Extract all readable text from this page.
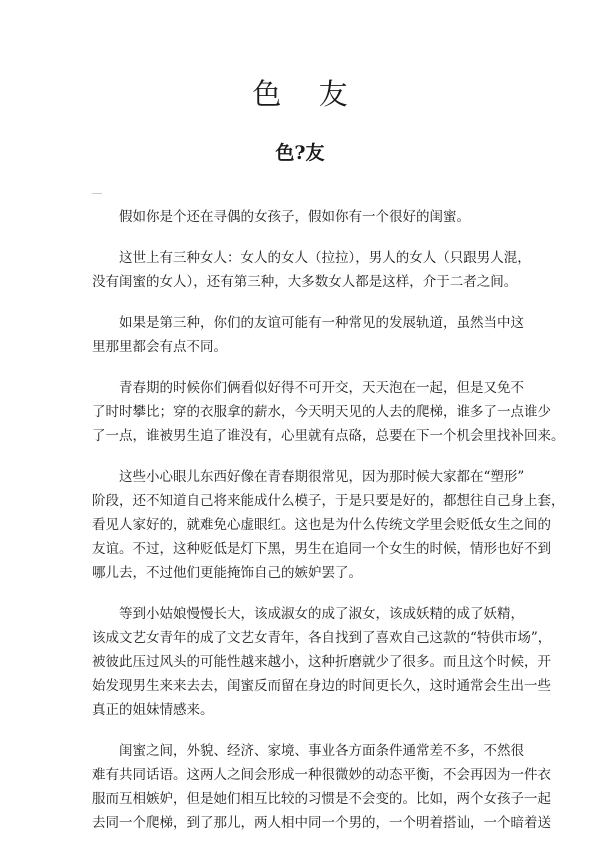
色 友
色?友

假如你是个还在寻偶的女孩子，假如你有一个很好的闺蜜。

这世上有三种女人：女人的女人（拉拉），男人的女人（只跟男人混，
没有闺蜜的女人），还有第三种，大多数女人都是这样，介于二者之间。

如果是第三种，你们的友谊可能有一种常见的发展轨道，虽然当中这
里那里都会有点不同。

青春期的时候你们俩看似好得不可开交，天天泡在一起，但是又免不
了时时攀比；穿的衣服拿的薪水，今天明天见的人去的爬梯，谁多了一点谁少
了一点，谁被男生追了谁没有，心里就有点硌，总要在下一个机会里找补回来。

这些小心眼儿东西好像在青春期很常见，因为那时候大家都在“塑形”
阶段，还不知道自己将来能成什么模子，于是只要是好的，都想往自己身上套，
看见人家好的，就难免心虚眼红。这也是为什么传统文学里会贬低女生之间的
友谊。不过，这种贬低是灯下黑，男生在追同一个女生的时候，情形也好不到
哪儿去，不过他们更能掩饰自己的嫉妒罢了。

等到小姑娘慢慢长大，该成淑女的成了淑女，该成妖精的成了妖精，
该成文艺女青年的成了文艺女青年，各自找到了喜欢自己这款的“特供市场”，
被彼此压过风头的可能性越来越小，这种折磨就少了很多。而且这个时候，开
始发现男生来来去去，闺蜜反而留在身边的时间更长久，这时通常会生出一些
真正的姐妹情感来。

闺蜜之间，外貌、经济、家境、事业各方面条件通常差不多，不然很
难有共同话语。这两人之间会形成一种很微妙的动态平衡，不会再因为一件衣
服而互相嫉妒，但是她们相互比较的习惯是不会变的。比如，两个女孩子一起
去同一个爬梯，到了那儿，两人相中同一个男的，一个明着搭讪，一个暗着送
